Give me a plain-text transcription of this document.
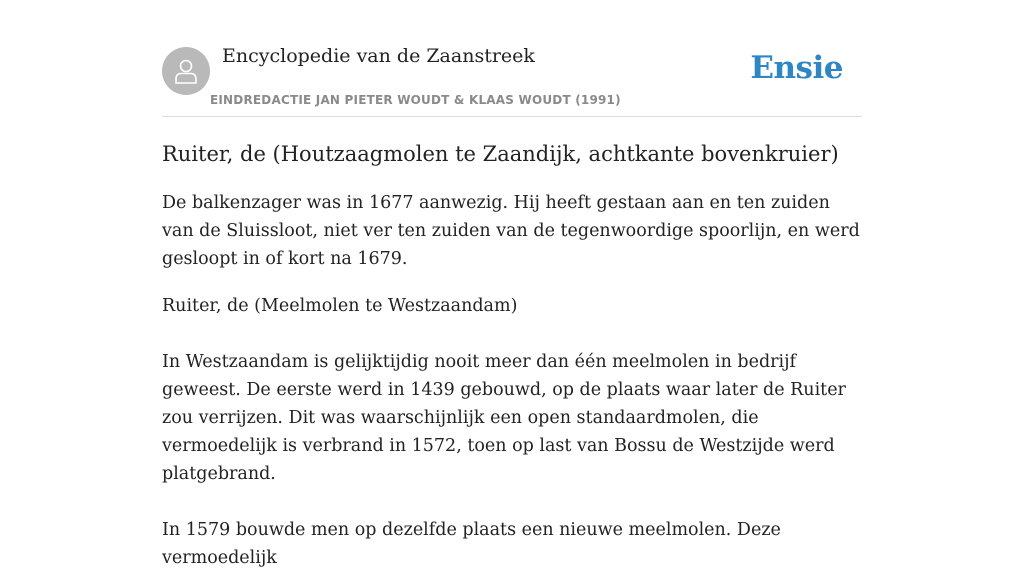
Encyclopedie van de Zaanstreek
EINDREDACTIE JAN PIETER WOUDT & KLAAS WOUDT (1991)
Ensie
Ruiter, de (Houtzaagmolen te Zaandijk, achtkante bovenkruier)

De balkenzager was in 1677 aanwezig. Hij heeft gestaan aan en ten zuiden van de Sluissloot, niet ver ten zuiden van de tegenwoordige spoorlijn, en werd gesloopt in of kort na 1679.

Ruiter, de (Meelmolen te Westzaandam)

In Westzaandam is gelijktijdig nooit meer dan één meelmolen in bedrijf geweest. De eerste werd in 1439 gebouwd, op de plaats waar later de Ruiter zou verrijzen. Dit was waarschijnlijk een open standaardmolen, die vermoedelijk is verbrand in 1572, toen op last van Bossu de Westzijde werd platgebrand.

In 1579 bouwde men op dezelfde plaats een nieuwe meelmolen. Deze vermoedelijk
